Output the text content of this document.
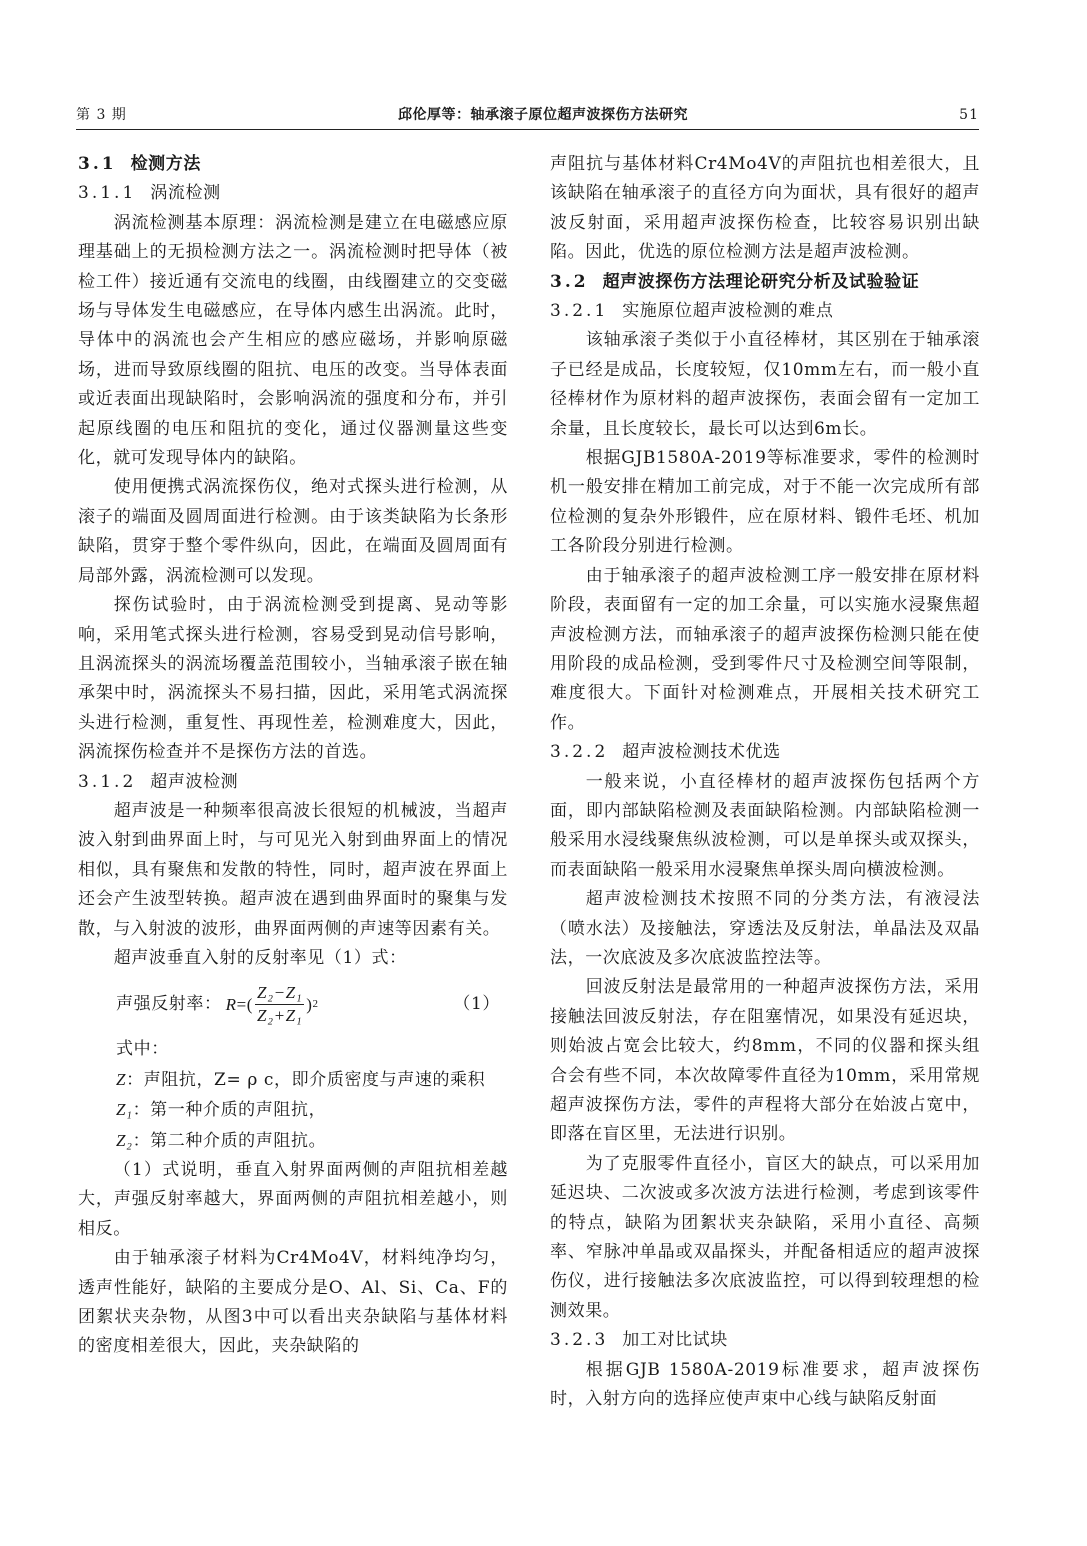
第 3 期	邱伦厚等：轴承滚子原位超声波探伤方法研究	51
3.1 检测方法
3.1.1 涡流检测

涡流检测基本原理：涡流检测是建立在电磁感应原理基础上的无损检测方法之一。涡流检测时把导体（被检工件）接近通有交流电的线圈，由线圈建立的交变磁场与导体发生电磁感应，在导体内感生出涡流。此时，导体中的涡流也会产生相应的感应磁场，并影响原磁场，进而导致原线圈的阻抗、电压的改变。当导体表面或近表面出现缺陷时，会影响涡流的强度和分布，并引起原线圈的电压和阻抗的变化，通过仪器测量这些变化，就可发现导体内的缺陷。

使用便携式涡流探伤仪，绝对式探头进行检测，从滚子的端面及圆周面进行检测。由于该类缺陷为长条形缺陷，贯穿于整个零件纵向，因此，在端面及圆周面有局部外露，涡流检测可以发现。

探伤试验时，由于涡流检测受到提离、晃动等影响，采用笔式探头进行检测，容易受到晃动信号影响，且涡流探头的涡流场覆盖范围较小，当轴承滚子嵌在轴承架中时，涡流探头不易扫描，因此，采用笔式涡流探头进行检测，重复性、再现性差，检测难度大，因此，涡流探伤检查并不是探伤方法的首选。

3.1.2 超声波检测

超声波是一种频率很高波长很短的机械波，当超声波入射到曲界面上时，与可见光入射到曲界面上的情况相似，具有聚焦和发散的特性，同时，超声波在界面上还会产生波型转换。超声波在遇到曲界面时的聚集与发散，与入射波的波形，曲界面两侧的声速等因素有关。

超声波垂直入射的反射率见（1）式：

声强反射率： R =( $\frac{\text{Z₂−Z₁}}{\text{Z₂+Z₁}}$ ) 2	（1）

式中：

Z：声阻抗，Z= ρ c，即介质密度与声速的乘积

Z₁：第一种介质的声阻抗，

Z₂：第二种介质的声阻抗。

（1）式说明，垂直入射界面两侧的声阻抗相差越大，声强反射率越大，界面两侧的声阻抗相差越小，则相反。

由于轴承滚子材料为Cr4Mo4V，材料纯净均匀，透声性能好，缺陷的主要成分是O、Al、Si、Ca、F的团絮状夹杂物，从图3中可以看出夹杂缺陷与基体材料的密度相差很大，因此，夹杂缺陷的

声阻抗与基体材料Cr4Mo4V的声阻抗也相差很大，且该缺陷在轴承滚子的直径方向为面状，具有很好的超声波反射面，采用超声波探伤检查，比较容易识别出缺陷。因此，优选的原位检测方法是超声波检测。

3.2 超声波探伤方法理论研究分析及试验验证
3.2.1 实施原位超声波检测的难点

该轴承滚子类似于小直径棒材，其区别在于轴承滚子已经是成品，长度较短，仅10mm左右，而一般小直径棒材作为原材料的超声波探伤，表面会留有一定加工余量，且长度较长，最长可以达到6m长。

根据GJB1580A-2019等标准要求，零件的检测时机一般安排在精加工前完成，对于不能一次完成所有部位检测的复杂外形锻件，应在原材料、锻件毛坯、机加工各阶段分别进行检测。

由于轴承滚子的超声波检测工序一般安排在原材料阶段，表面留有一定的加工余量，可以实施水浸聚焦超声波检测方法，而轴承滚子的超声波探伤检测只能在使用阶段的成品检测，受到零件尺寸及检测空间等限制，难度很大。下面针对检测难点，开展相关技术研究工作。

3.2.2 超声波检测技术优选

一般来说，小直径棒材的超声波探伤包括两个方面，即内部缺陷检测及表面缺陷检测。内部缺陷检测一般采用水浸线聚焦纵波检测，可以是单探头或双探头，而表面缺陷一般采用水浸聚焦单探头周向横波检测。

超声波检测技术按照不同的分类方法，有液浸法（喷水法）及接触法，穿透法及反射法，单晶法及双晶法，一次底波及多次底波监控法等。

回波反射法是最常用的一种超声波探伤方法，采用接触法回波反射法，存在阻塞情况，如果没有延迟块，则始波占宽会比较大，约8mm，不同的仪器和探头组合会有些不同，本次故障零件直径为10mm，采用常规超声波探伤方法，零件的声程将大部分在始波占宽中，即落在盲区里，无法进行识别。

为了克服零件直径小，盲区大的缺点，可以采用加延迟块、二次波或多次波方法进行检测，考虑到该零件的特点，缺陷为团絮状夹杂缺陷，采用小直径、高频率、窄脉冲单晶或双晶探头，并配备相适应的超声波探伤仪，进行接触法多次底波监控，可以得到较理想的检测效果。

3.2.3 加工对比试块

根据GJB 1580A-2019标准要求，超声波探伤时，入射方向的选择应使声束中心线与缺陷反射面
